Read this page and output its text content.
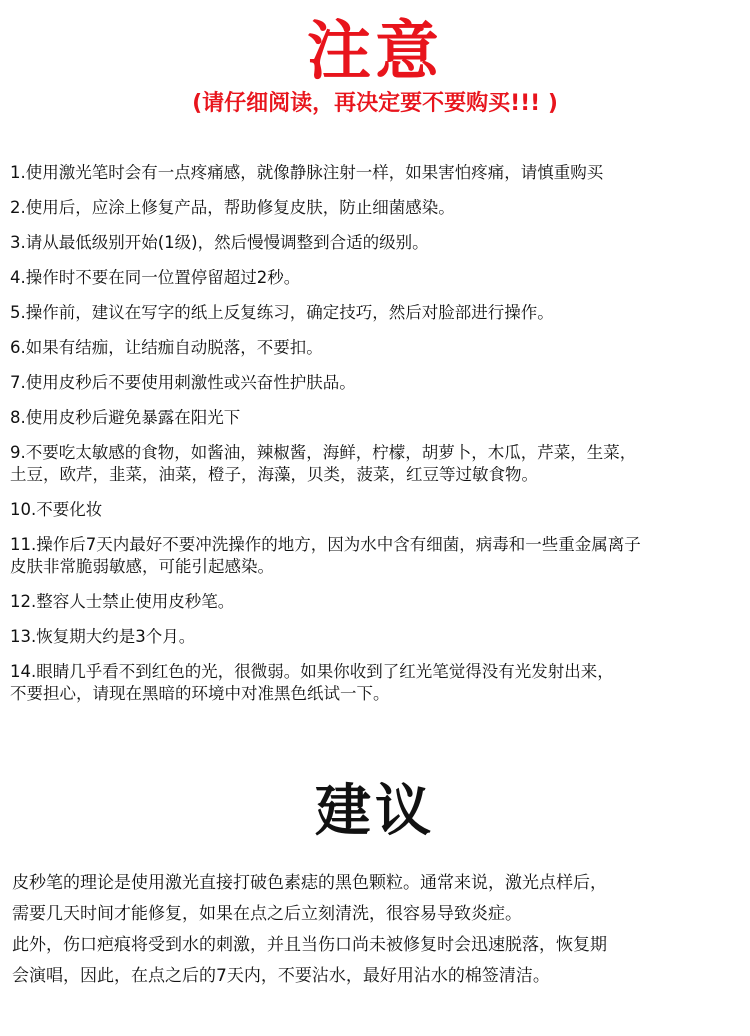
注意
(请仔细阅读，再决定要不要购买!!! )
1.使用激光笔时会有一点疼痛感，就像静脉注射一样，如果害怕疼痛，请慎重购买
2.使用后，应涂上修复产品，帮助修复皮肤，防止细菌感染。
3.请从最低级别开始(1级)，然后慢慢调整到合适的级别。
4.操作时不要在同一位置停留超过2秒。
5.操作前，建议在写字的纸上反复练习，确定技巧，然后对脸部进行操作。
6.如果有结痂，让结痂自动脱落，不要扣。
7.使用皮秒后不要使用刺激性或兴奋性护肤品。
8.使用皮秒后避免暴露在阳光下
9.不要吃太敏感的食物，如酱油，辣椒酱，海鲜，柠檬，胡萝卜，木瓜，芹菜，生菜，
土豆，欧芹，韭菜，油菜，橙子，海藻，贝类，菠菜，红豆等过敏食物。
10.不要化妆
11.操作后7天内最好不要冲洗操作的地方，因为水中含有细菌，病毒和一些重金属离子
皮肤非常脆弱敏感，可能引起感染。
12.整容人士禁止使用皮秒笔。
13.恢复期大约是3个月。
14.眼睛几乎看不到红色的光，很微弱。如果你收到了红光笔觉得没有光发射出来，
不要担心，请现在黑暗的环境中对准黑色纸试一下。
建议

皮秒笔的理论是使用激光直接打破色素痣的黑色颗粒。通常来说，激光点样后，

需要几天时间才能修复，如果在点之后立刻清洗，很容易导致炎症。

此外，伤口疤痕将受到水的刺激，并且当伤口尚未被修复时会迅速脱落，恢复期

会演唱，因此，在点之后的7天内，不要沾水，最好用沾水的棉签清洁。
